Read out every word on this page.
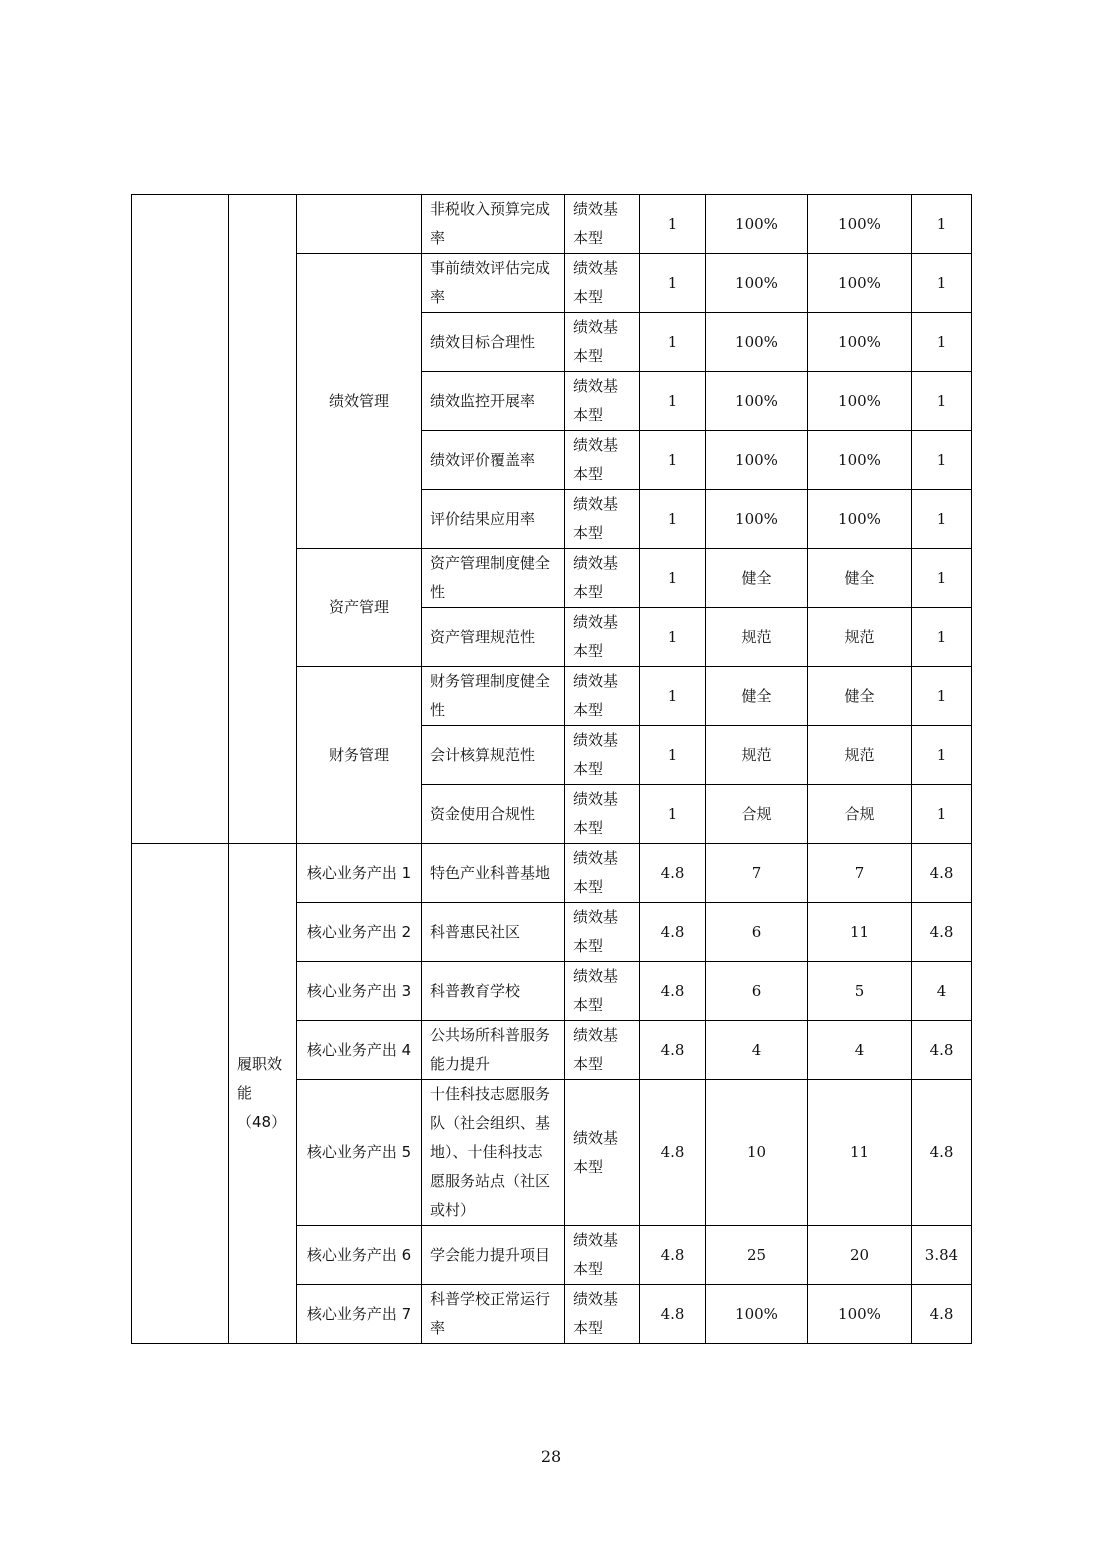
			非税收入预算完成率	绩效基本型	1	100%	100%	1
		绩效管理	事前绩效评估完成率	绩效基本型	1	100%	100%	1
			绩效目标合理性	绩效基本型	1	100%	100%	1
			绩效监控开展率	绩效基本型	1	100%	100%	1
			绩效评价覆盖率	绩效基本型	1	100%	100%	1
			评价结果应用率	绩效基本型	1	100%	100%	1
		资产管理	资产管理制度健全性	绩效基本型	1	健全	健全	1
			资产管理规范性	绩效基本型	1	规范	规范	1
		财务管理	财务管理制度健全性	绩效基本型	1	健全	健全	1
			会计核算规范性	绩效基本型	1	规范	规范	1
			资金使用合规性	绩效基本型	1	合规	合规	1
	履职效能（48）	核心业务产出 1	特色产业科普基地	绩效基本型	4.8	7	7	4.8
		核心业务产出 2	科普惠民社区	绩效基本型	4.8	6	11	4.8
		核心业务产出 3	科普教育学校	绩效基本型	4.8	6	5	4
		核心业务产出 4	公共场所科普服务能力提升	绩效基本型	4.8	4	4	4.8
		核心业务产出 5	十佳科技志愿服务队（社会组织、基地）、十佳科技志愿服务站点（社区或村）	绩效基本型	4.8	10	11	4.8
		核心业务产出 6	学会能力提升项目	绩效基本型	4.8	25	20	3.84
		核心业务产出 7	科普学校正常运行率	绩效基本型	4.8	100%	100%	4.8
28
